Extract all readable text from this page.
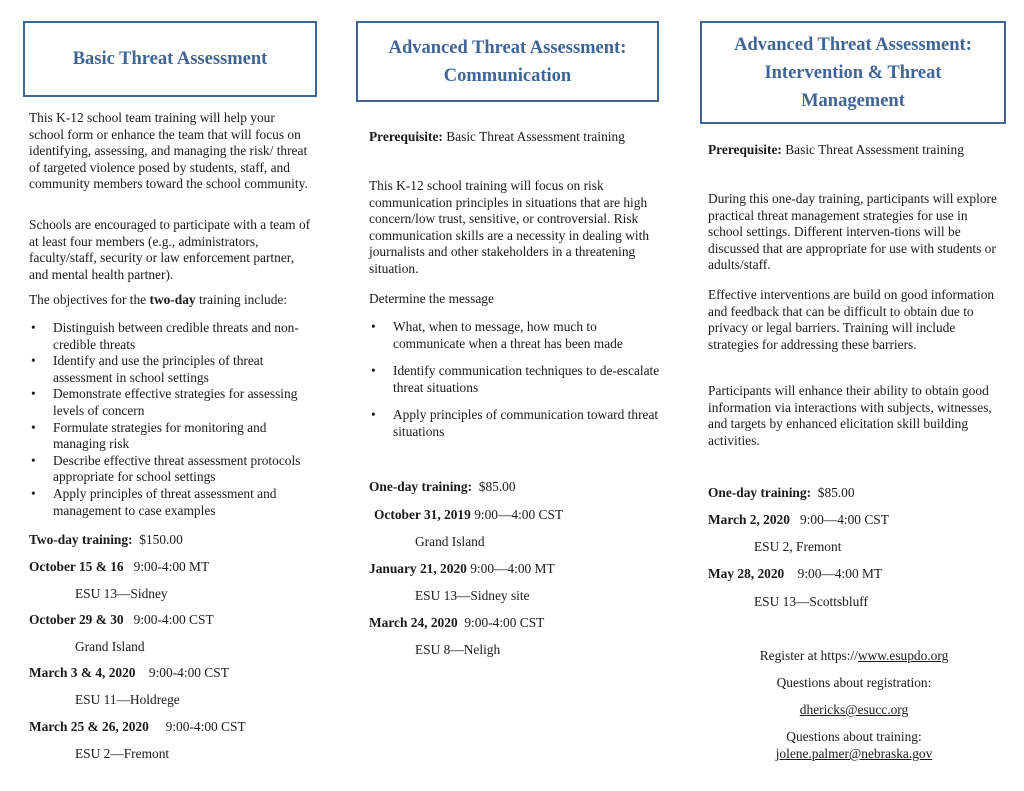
Basic Threat Assessment
Advanced Threat Assessment:
Communication
Advanced Threat Assessment:
Intervention & Threat
Management

This K-12 school team training will help your school form or enhance the team that will focus on identifying, assessing, and managing the risk/ threat of targeted violence posed by students, staff, and community members toward the school community.

Schools are encouraged to participate with a team of at least four members (e.g., administrators, faculty/staff, security or law enforcement partner, and mental health partner).

The objectives for the two-day training include:

• Distinguish between credible threats and non-credible threats
• Identify and use the principles of threat assessment in school settings
• Demonstrate effective strategies for assessing levels of concern
• Formulate strategies for monitoring and managing risk
• Describe effective threat assessment protocols appropriate for school settings
• Apply principles of threat assessment and management to case examples

Two-day training: $150.00

October 15 & 16 9:00-4:00 MT

ESU 13—Sidney

October 29 & 30 9:00-4:00 CST

Grand Island

March 3 & 4, 2020 9:00-4:00 CST

ESU 11—Holdrege

March 25 & 26, 2020 9:00-4:00 CST

ESU 2—Fremont

Prerequisite: Basic Threat Assessment training

This K-12 school training will focus on risk communication principles in situations that are high concern/low trust, sensitive, or controversial. Risk communication skills are a necessity in dealing with journalists and other stakeholders in a threatening situation.

Determine the message

• What, when to message, how much to communicate when a threat has been made
• Identify communication techniques to de-escalate threat situations
• Apply principles of communication toward threat situations

One-day training: $85.00

October 31, 2019 9:00—4:00 CST

Grand Island

January 21, 2020 9:00—4:00 MT

ESU 13—Sidney site

March 24, 2020 9:00-4:00 CST

ESU 8—Neligh

Prerequisite: Basic Threat Assessment training

During this one-day training, participants will explore practical threat management strategies for use in school settings. Different interven-tions will be discussed that are appropriate for use with students or adults/staff.

Effective interventions are build on good information and feedback that can be difficult to obtain due to privacy or legal barriers. Training will include strategies for addressing these barriers.

Participants will enhance their ability to obtain good information via interactions with subjects, witnesses, and targets by enhanced elicitation skill building activities.

One-day training: $85.00

March 2, 2020 9:00—4:00 CST

ESU 2, Fremont

May 28, 2020 9:00—4:00 MT

ESU 13—Scottsbluff

Register at https://www.esupdo.org

Questions about registration:

dhericks@esucc.org

Questions about training:

jolene.palmer@nebraska.gov
